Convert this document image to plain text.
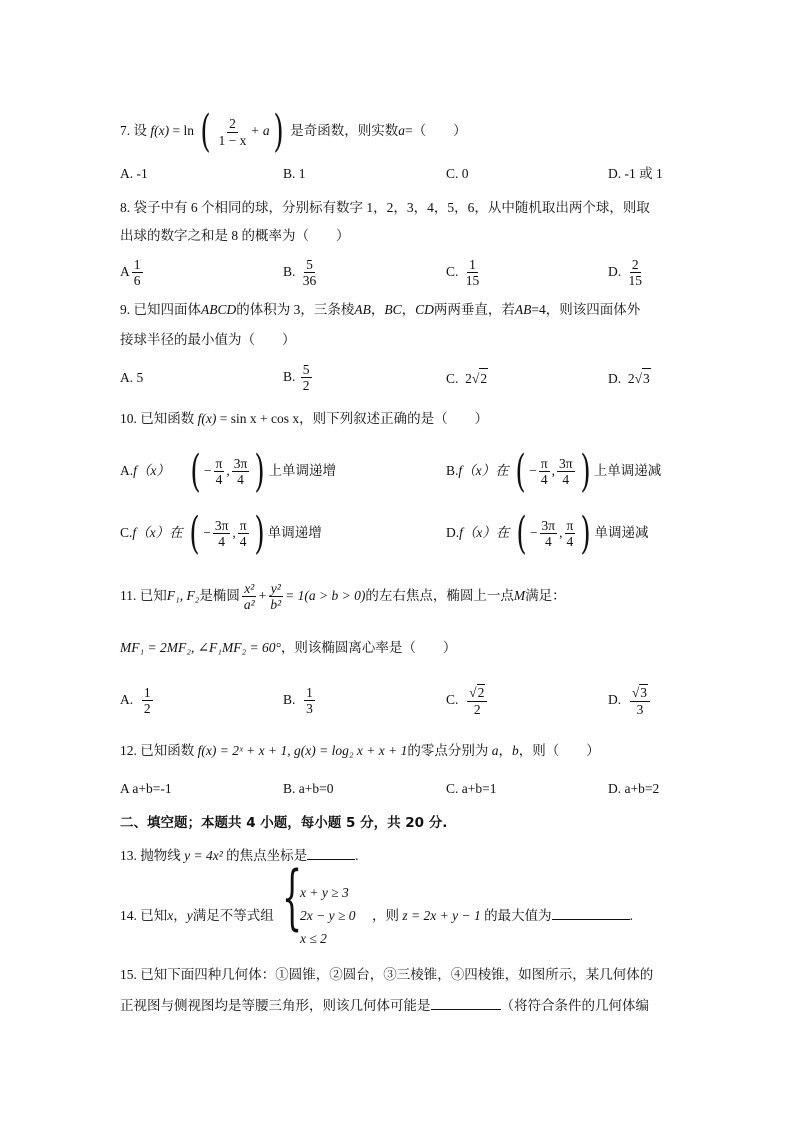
7. 设 f(x) = ln ( $\frac{2}{1 - x} + a$) 是奇函数，则实数a=（　　）
A. -1	B. 1	C. 0	D. -1 或 1
8. 袋子中有 6 个相同的球，分别标有数字 1，2，3，4，5，6，从中随机取出两个球，则取
出球的数字之和是 8 的概率为（　　）
A $\frac{1}{6}$	B. $\frac{5}{36}$	C. $\frac{1}{15}$	D. $\frac{2}{15}$
9. 已知四面体ABCD的体积为 3，三条棱AB，BC，CD两两垂直，若AB=4，则该四面体外
接球半径的最小值为（　　）
A. 5	B. $\frac{5}{2}$	C. 2√2	D. 2√3
10. 已知函数 f(x) = sin x + cos x，则下列叙述正确的是（　　）
A.f（x） ( − $\frac{\pi}{4}$ , $\frac{3\pi}{4}$ ) 上单调递增	B.f（x）在 ( − $\frac{\pi}{4}$ , $\frac{3\pi}{4}$ ) 上单调递减
C.f（x）在 ( − $\frac{3\pi}{4}$ , $\frac{\pi}{4}$ ) 单调递增	D.f（x）在 ( − $\frac{3\pi}{4}$ , $\frac{\pi}{4}$ ) 单调递减
11. 已知F₁, F₂是椭圆 $\frac{\text{x²}}{\text{a²}} + \frac{\text{y²}}{\text{b²}} = 1(a > b > 0)$的左右焦点，椭圆上一点M满足：
MF₁ = 2MF₂, ∠F₁MF₂ = 60°，则该椭圆离心率是（　　）
A. $\frac{1}{2}$	B. $\frac{1}{3}$	C. $\frac{√2}{2}$	D. $\frac{√3}{3}$
12. 已知函数 f(x) = 2ˣ + x + 1, g(x) = log₂ x + x + 1的零点分别为 a，b，则（　　）
A a+b=-1	B. a+b=0	C. a+b=1	D. a+b=2
二、填空题；本题共 4 小题，每小题 5 分，共 20 分.
13. 抛物线 y = 4x² 的焦点坐标是	.
{
x + y ≥ 3
2x − y ≥ 0
x ≤ 2
14. 已知x，y满足不等式组	，则 z = 2x + y − 1 的最大值为	.
15. 已知下面四种几何体：①圆锥，②圆台，③三棱锥，④四棱锥，如图所示，某几何体的
正视图与侧视图均是等腰三角形，则该几何体可能是	（将符合条件的几何体编
